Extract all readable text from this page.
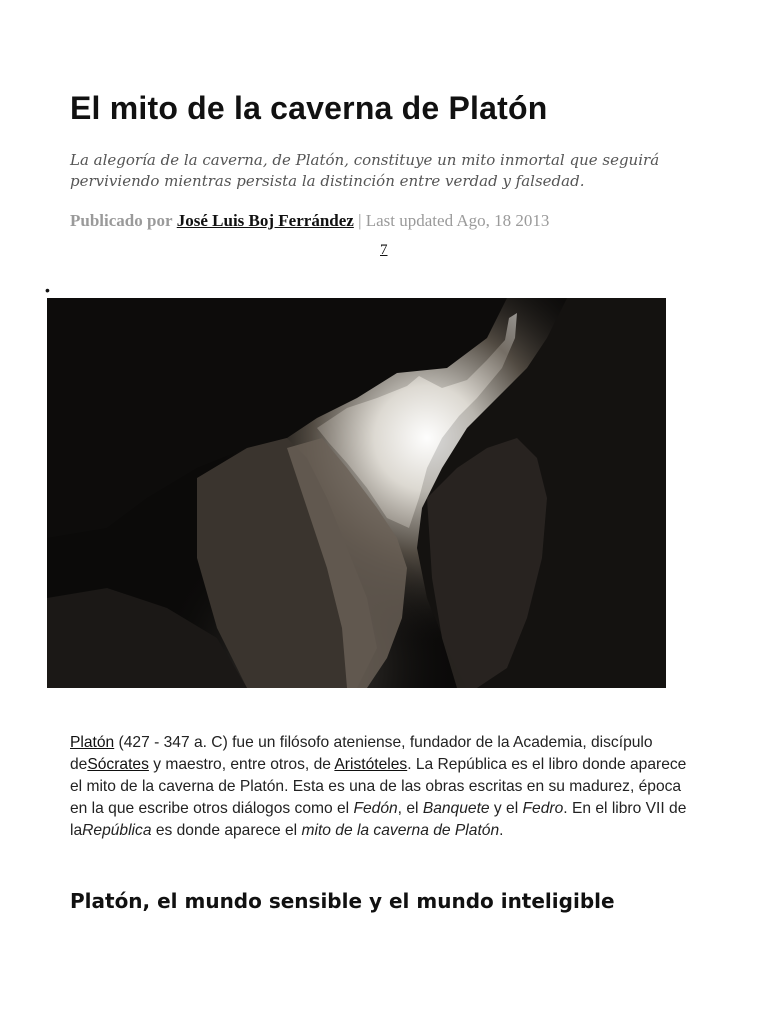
El mito de la caverna de Platón

La alegoría de la caverna, de Platón, constituye un mito inmortal que seguirá perviviendo mientras persista la distinción entre verdad y falsedad.

Publicado por José Luis Boj Ferrández | Last updated Ago, 18 2013

7
•

Platón (427 - 347 a. C) fue un filósofo ateniense, fundador de la Academia, discípulo deSócrates y maestro, entre otros, de Aristóteles. La República es el libro donde aparece el mito de la caverna de Platón. Esta es una de las obras escritas en su madurez, época en la que escribe otros diálogos como el Fedón, el Banquete y el Fedro. En el libro VII de laRepública es donde aparece el mito de la caverna de Platón.

Platón, el mundo sensible y el mundo inteligible
